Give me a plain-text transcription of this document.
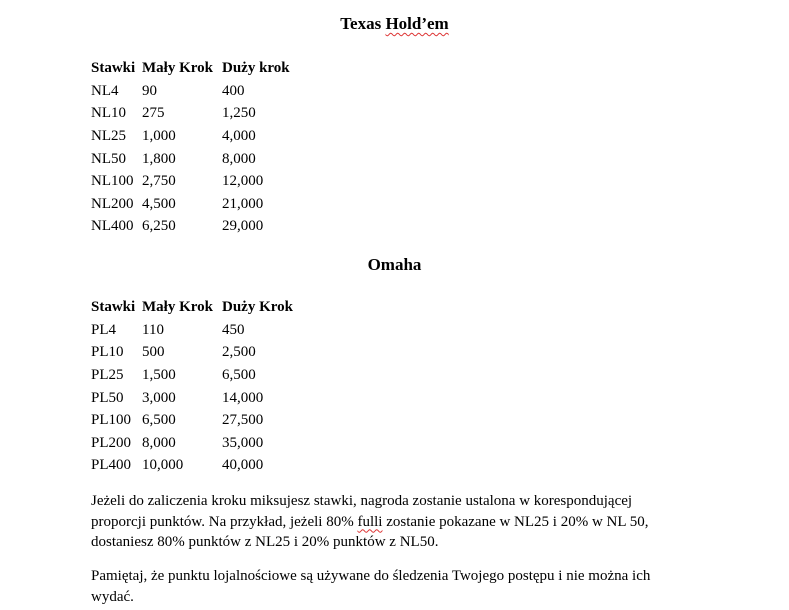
Texas Hold’em
Stawki	Mały Krok	Duży krok
NL4	90	400
NL10	275	1,250
NL25	1,000	4,000
NL50	1,800	8,000
NL100	2,750	12,000
NL200	4,500	21,000
NL400	6,250	29,000
Omaha
Stawki	Mały Krok	Duży Krok
PL4	110	450
PL10	500	2,500
PL25	1,500	6,500
PL50	3,000	14,000
PL100	6,500	27,500
PL200	8,000	35,000
PL400	10,000	40,000

Jeżeli do zaliczenia kroku miksujesz stawki, nagroda zostanie ustalona w korespondującej
proporcji punktów. Na przykład, jeżeli 80% fulli zostanie pokazane w NL25 i 20% w NL 50,
dostaniesz 80% punktów z NL25 i 20% punktów z NL50.

Pamiętaj, że punktu lojalnościowe są używane do śledzenia Twojego postępu i nie można ich
wydać.
